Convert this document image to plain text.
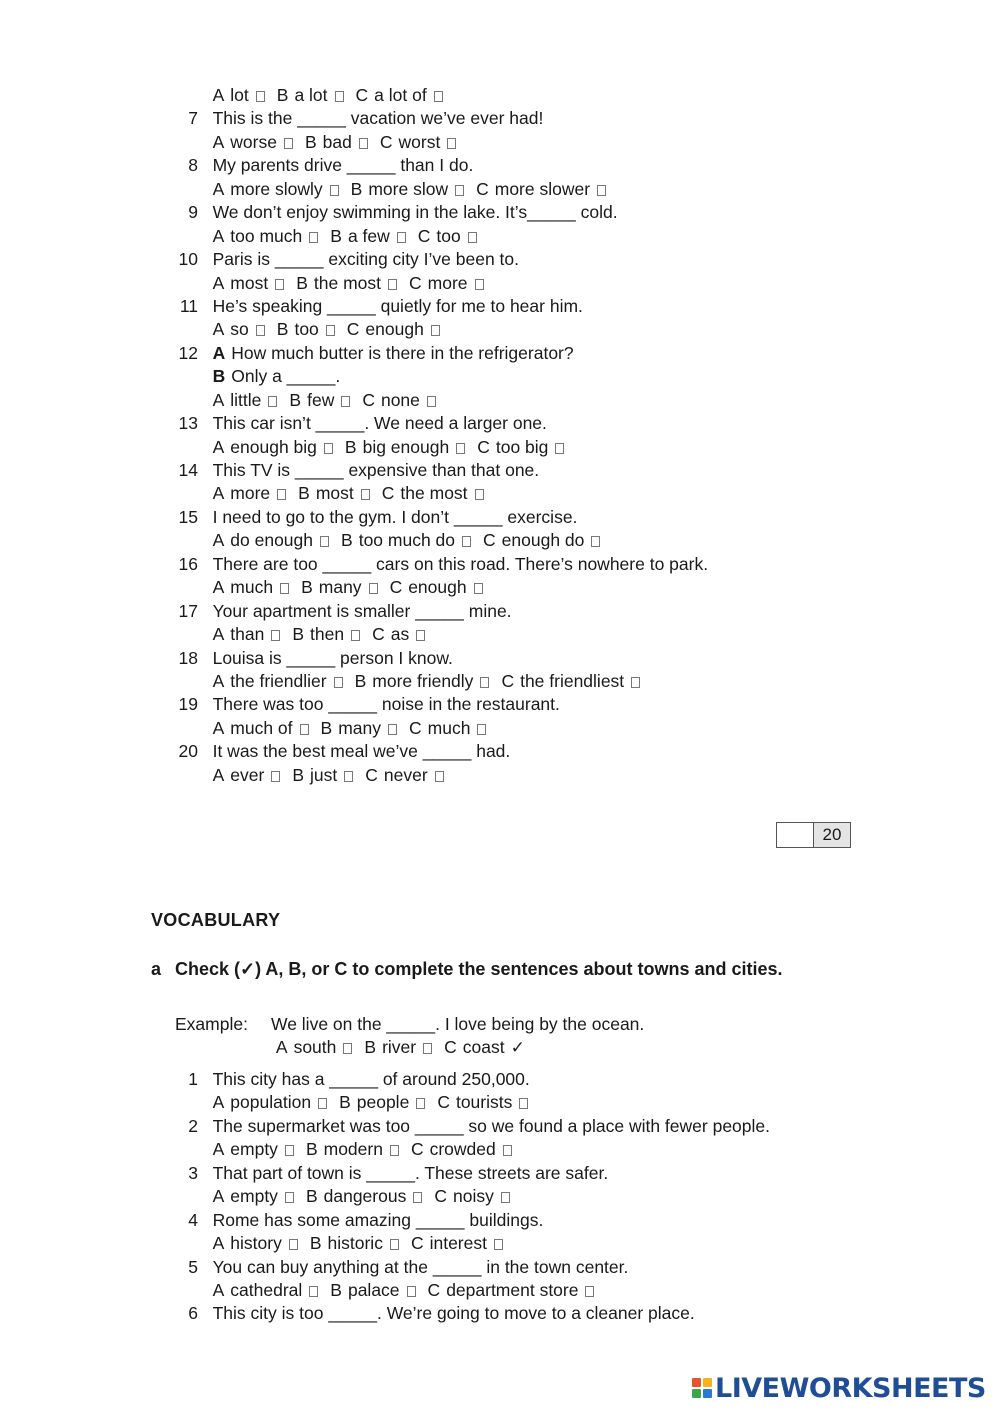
A lot B a lot C a lot of
7 This is the _____ vacation we’ve ever had!
A worse B bad C worst
8 My parents drive _____ than I do.
A more slowly B more slow C more slower
9 We don’t enjoy swimming in the lake. It’s_____ cold.
A too much B a few C too
10 Paris is _____ exciting city I’ve been to.
A most B the most C more
11 He’s speaking _____ quietly for me to hear him.
A so B too C enough
12 A How much butter is there in the refrigerator?
B Only a _____.
A little B few C none
13 This car isn’t _____. We need a larger one.
A enough big B big enough C too big
14 This TV is _____ expensive than that one.
A more B most C the most
15 I need to go to the gym. I don’t _____ exercise.
A do enough B too much do C enough do
16 There are too _____ cars on this road. There’s nowhere to park.
A much B many C enough
17 Your apartment is smaller _____ mine.
A than B then C as
18 Louisa is _____ person I know.
A the friendlier B more friendly C the friendliest
19 There was too _____ noise in the restaurant.
A much of B many C much
20 It was the best meal we’ve _____ had.
A ever B just C never
20
VOCABULARY
a Check (✓) A, B, or C to complete the sentences about towns and cities.
Example: We live on the _____. I love being by the ocean.
A south B river C coast ✓
1 This city has a _____ of around 250,000.
A population B people C tourists
2 The supermarket was too _____ so we found a place with fewer people.
A empty B modern C crowded
3 That part of town is _____. These streets are safer.
A empty B dangerous C noisy
4 Rome has some amazing _____ buildings.
A history B historic C interest
5 You can buy anything at the _____ in the town center.
A cathedral B palace C department store
6 This city is too _____. We’re going to move to a cleaner place.
LIVEWORKSHEETS
